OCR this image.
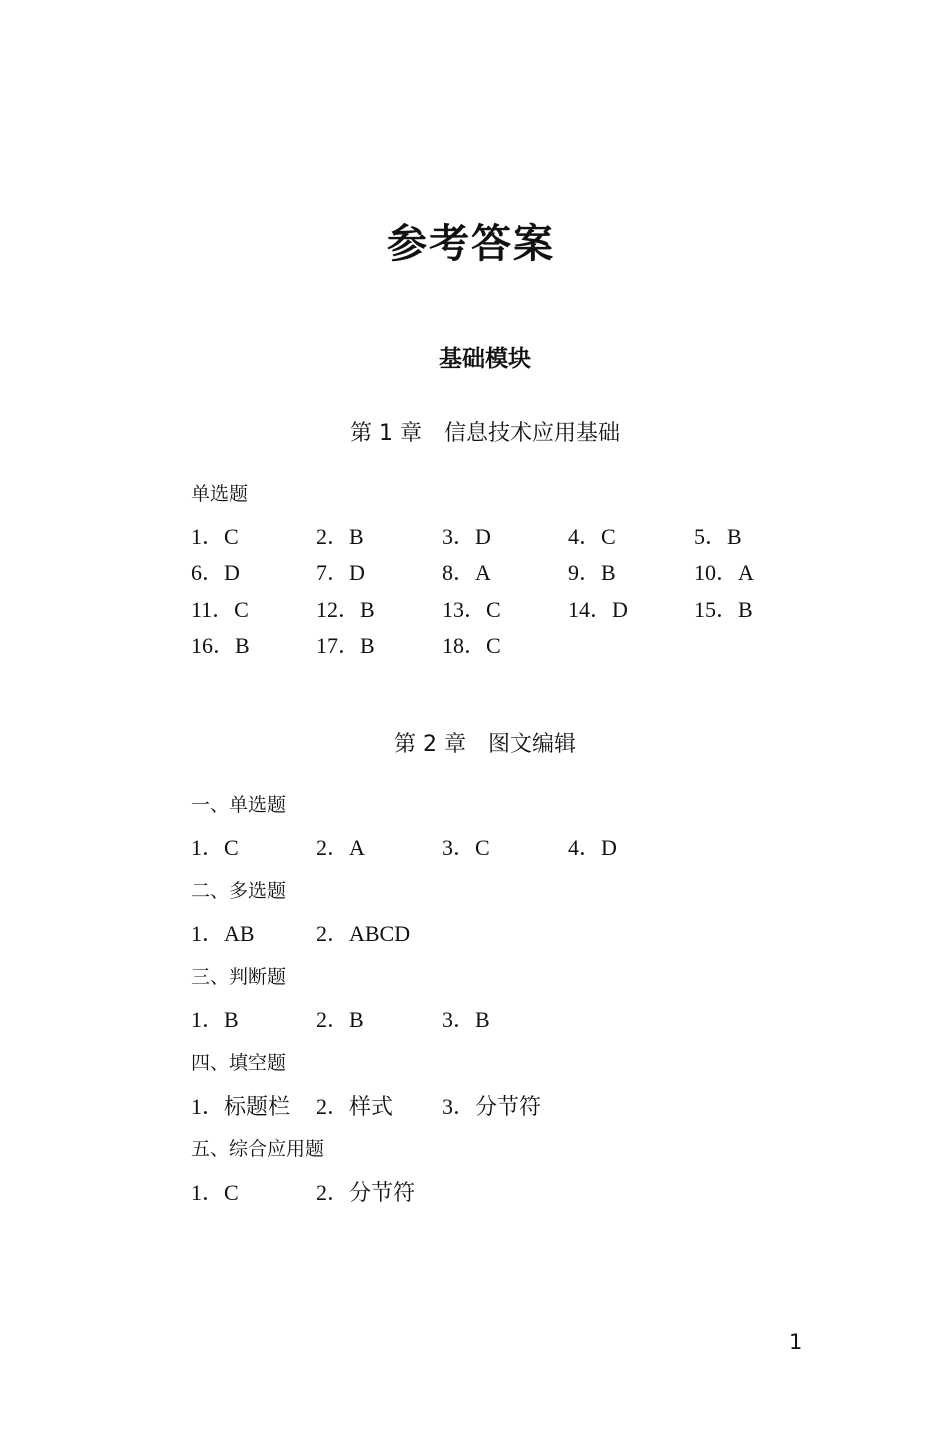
参考答案
基础模块
第 1 章　信息技术应用基础
单选题
1．C	2．B	3．D	4．C	5．B
6．D	7．D	8．A	9．B	10．A
11．C	12．B	13．C	14．D	15．B
16．B	17．B	18．C
第 2 章　图文编辑
一、单选题
1．C	2．A	3．C	4．D
二、多选题
1．AB	2．ABCD
三、判断题
1．B	2．B	3．B
四、填空题
1．标题栏 2．样式 3．分节符
五、综合应用题
1．C	2．分节符
1
